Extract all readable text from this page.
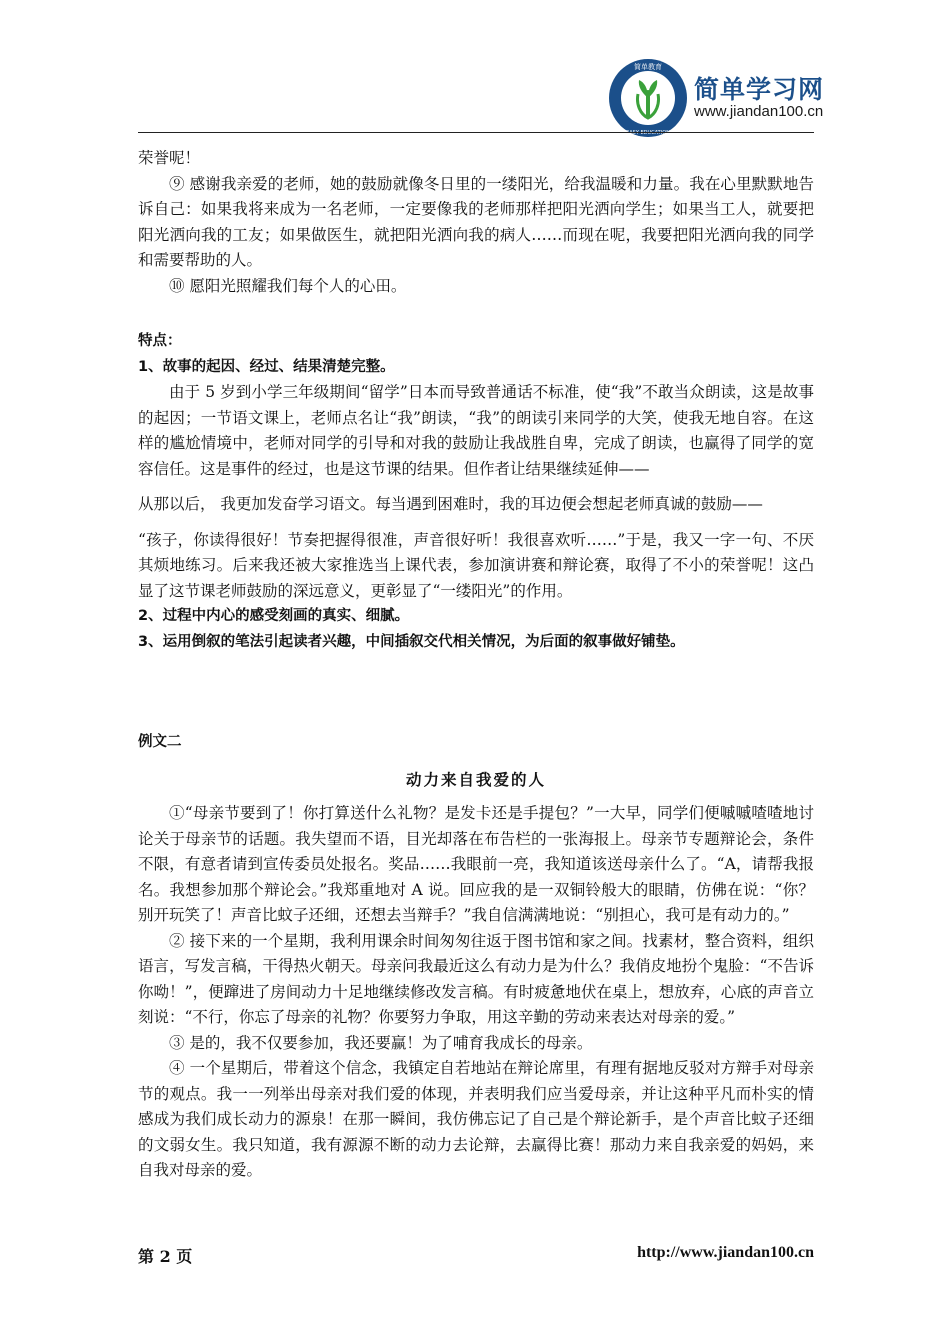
简单教育
EASY EDUCATION
简单学习网
www.jiandan100.cn

荣誉呢！

⑨ 感谢我亲爱的老师，她的鼓励就像冬日里的一缕阳光，给我温暖和力量。我在心里默默地告诉自己：如果我将来成为一名老师，一定要像我的老师那样把阳光洒向学生；如果当工人，就要把阳光洒向我的工友；如果做医生，就把阳光洒向我的病人……而现在呢，我要把阳光洒向我的同学和需要帮助的人。

⑩ 愿阳光照耀我们每个人的心田。

特点：

1、故事的起因、经过、结果清楚完整。

由于 5 岁到小学三年级期间“留学”日本而导致普通话不标准，使“我”不敢当众朗读，这是故事的起因；一节语文课上，老师点名让“我”朗读，“我”的朗读引来同学的大笑，使我无地自容。在这样的尴尬情境中，老师对同学的引导和对我的鼓励让我战胜自卑，完成了朗读，也赢得了同学的宽容信任。这是事件的经过，也是这节课的结果。但作者让结果继续延伸——

从那以后， 我更加发奋学习语文。每当遇到困难时，我的耳边便会想起老师真诚的鼓励——

“孩子，你读得很好！节奏把握得很准，声音很好听！我很喜欢听……”于是，我又一字一句、不厌其烦地练习。后来我还被大家推选当上课代表，参加演讲赛和辩论赛，取得了不小的荣誉呢！这凸显了这节课老师鼓励的深远意义，更彰显了“一缕阳光”的作用。

2、过程中内心的感受刻画的真实、细腻。

3、运用倒叙的笔法引起读者兴趣，中间插叙交代相关情况，为后面的叙事做好铺垫。

例文二

动力来自我爱的人

①“母亲节要到了！你打算送什么礼物？是发卡还是手提包？”一大早，同学们便嘁嘁喳喳地讨论关于母亲节的话题。我失望而不语，目光却落在布告栏的一张海报上。母亲节专题辩论会，条件不限，有意者请到宣传委员处报名。奖品……我眼前一亮，我知道该送母亲什么了。“A，请帮我报名。我想参加那个辩论会。”我郑重地对 A 说。回应我的是一双铜铃般大的眼睛，仿佛在说：“你？别开玩笑了！声音比蚊子还细，还想去当辩手？”我自信满满地说：“别担心，我可是有动力的。”

② 接下来的一个星期，我利用课余时间匆匆往返于图书馆和家之间。找素材，整合资料，组织语言，写发言稿，干得热火朝天。母亲问我最近这么有动力是为什么？我俏皮地扮个鬼脸：“不告诉你呦！”，便蹿进了房间动力十足地继续修改发言稿。有时疲惫地伏在桌上，想放弃，心底的声音立刻说：“不行，你忘了母亲的礼物？你要努力争取，用这辛勤的劳动来表达对母亲的爱。”

③ 是的，我不仅要参加，我还要赢！为了哺育我成长的母亲。

④ 一个星期后，带着这个信念，我镇定自若地站在辩论席里，有理有据地反驳对方辩手对母亲节的观点。我一一列举出母亲对我们爱的体现，并表明我们应当爱母亲，并让这种平凡而朴实的情感成为我们成长动力的源泉！在那一瞬间，我仿佛忘记了自己是个辩论新手，是个声音比蚊子还细的文弱女生。我只知道，我有源源不断的动力去论辩，去赢得比赛！那动力来自我亲爱的妈妈，来自我对母亲的爱。

第 2 页	http://www.jiandan100.cn
